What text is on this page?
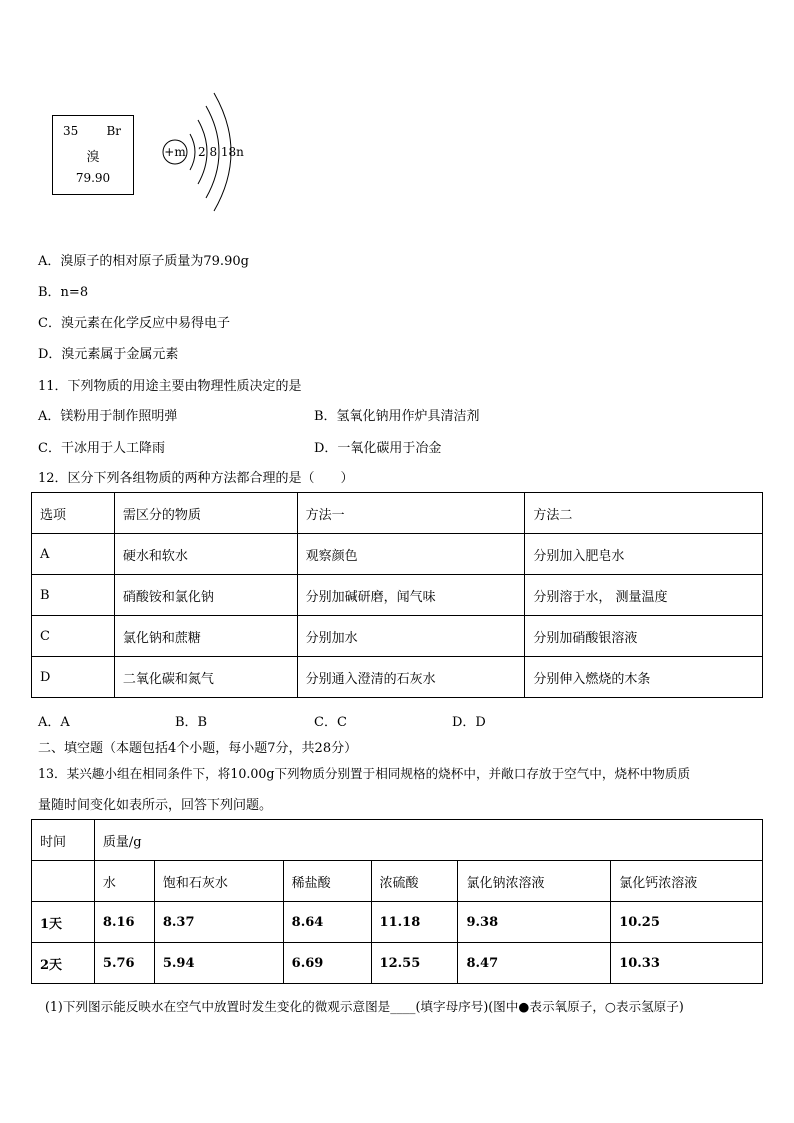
35 Br
溴
79.90
+m 2 8 18n
A．溴原子的相对原子质量为79.90g
B．n=8
C．溴元素在化学反应中易得电子
D．溴元素属于金属元素
11．下列物质的用途主要由物理性质决定的是
A．镁粉用于制作照明弹	B．氢氧化钠用作炉具清洁剂
C．干冰用于人工降雨	D．一氧化碳用于冶金
12．区分下列各组物质的两种方法都合理的是（　　）
选项	需区分的物质	方法一	方法二
A	硬水和软水	观察颜色	分别加入肥皂水
B	硝酸铵和氯化钠	分别加碱研磨，闻气味	分别溶于水， 测量温度
C	氯化钠和蔗糖	分别加水	分别加硝酸银溶液
D	二氧化碳和氮气	分别通入澄清的石灰水	分别伸入燃烧的木条
A．A	B．B	C．C	D．D
二、填空题（本题包括4个小题，每小题7分，共28分）
13．某兴趣小组在相同条件下，将10.00g下列物质分别置于相同规格的烧杯中，并敞口存放于空气中，烧杯中物质质
量随时间变化如表所示，回答下列问题。
时间	质量/g					
	水	饱和石灰水	稀盐酸	浓硫酸	氯化钠浓溶液	氯化钙浓溶液
1天	8.16	8.37	8.64	11.18	9.38	10.25
2天	5.76	5.94	6.69	12.55	8.47	10.33
(1)下列图示能反映水在空气中放置时发生变化的微观示意图是____(填字母序号)(图中●表示氧原子，○表示氢原子)
